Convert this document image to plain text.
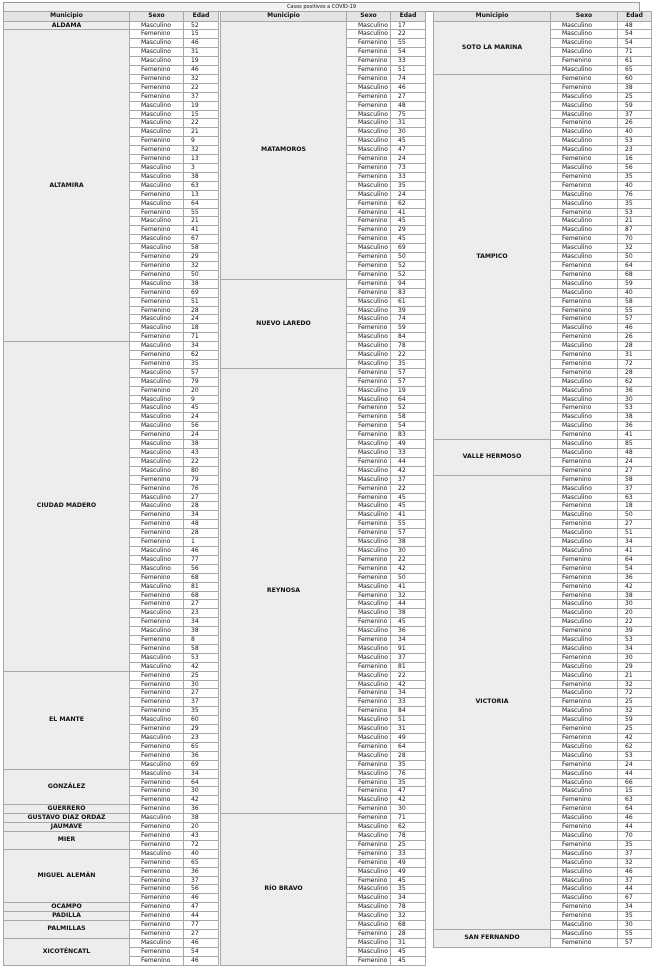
Casos positivos a COVID-19
Municipio	Sexo	Edad
ALDAMA	Masculino	52
ALTAMIRA	Femenino	15
	Masculino	46
	Masculino	31
	Masculino	19
	Femenino	46
	Femenino	32
	Femenino	22
	Femenino	37
	Masculino	19
	Masculino	15
	Masculino	22
	Masculino	21
	Femenino	9
	Femenino	32
	Femenino	13
	Masculino	3
	Masculino	38
	Masculino	63
	Femenino	13
	Masculino	64
	Femenino	55
	Masculino	21
	Femenino	41
	Masculino	67
	Masculino	58
	Femenino	29
	Femenino	32
	Femenino	50
	Masculino	38
	Femenino	69
	Femenino	51
	Femenino	28
	Masculino	24
	Masculino	18
	Femenino	71
CIUDAD MADERO	Masculino	34
	Femenino	62
	Femenino	35
	Masculino	57
	Masculino	79
	Femenino	20
	Masculino	9
	Masculino	45
	Masculino	24
	Masculino	56
	Femenino	24
	Masculino	38
	Masculino	43
	Masculino	22
	Masculino	80
	Femenino	79
	Femenino	76
	Masculino	27
	Masculino	28
	Femenino	34
	Femenino	48
	Femenino	28
	Femenino	1
	Masculino	46
	Masculino	77
	Masculino	56
	Femenino	68
	Masculino	81
	Femenino	68
	Femenino	27
	Masculino	23
	Femenino	34
	Masculino	38
	Femenino	8
	Femenino	58
	Masculino	53
	Masculino	42
EL MANTE	Femenino	25
	Femenino	30
	Femenino	27
	Femenino	37
	Femenino	35
	Masculino	60
	Femenino	29
	Masculino	23
	Femenino	65
	Femenino	36
	Masculino	69
GONZÁLEZ	Masculino	34
	Femenino	64
	Femenino	30
	Femenino	42
GUERRERO	Femenino	36
GUSTAVO DÍAZ ORDAZ	Masculino	38
JAUMAVE	Femenino	20
MIER	Femenino	43
	Femenino	72
MIGUEL ALEMÁN	Masculino	40
	Femenino	65
	Femenino	36
	Femenino	37
	Femenino	56
	Femenino	46
OCAMPO	Femenino	47
PADILLA	Femenino	44
PALMILLAS	Femenino	77
	Femenino	27
XICOTÉNCATL	Masculino	46
	Femenino	54
	Femenino	46
Municipio	Sexo	Edad
MATAMOROS	Masculino	17
	Masculino	22
	Femenino	55
	Femenino	54
	Femenino	33
	Femenino	51
	Femenino	74
	Masculino	46
	Femenino	27
	Femenino	48
	Masculino	75
	Masculino	31
	Masculino	30
	Masculino	45
	Masculino	47
	Femenino	24
	Femenino	73
	Femenino	33
	Masculino	35
	Masculino	24
	Femenino	62
	Femenino	41
	Femenino	45
	Femenino	29
	Femenino	45
	Masculino	69
	Femenino	50
	Femenino	52
	Femenino	52
NUEVO LAREDO	Femenino	94
	Femenino	83
	Masculino	61
	Masculino	39
	Masculino	74
	Femenino	59
	Masculino	84
	Masculino	78
	Masculino	22
	Masculino	35
REYNOSA	Femenino	57
	Femenino	57
	Masculino	19
	Masculino	64
	Femenino	52
	Femenino	58
	Femenino	54
	Femenino	83
	Masculino	49
	Masculino	33
	Femenino	44
	Masculino	42
	Masculino	37
	Femenino	22
	Femenino	45
	Masculino	45
	Masculino	41
	Femenino	55
	Femenino	57
	Masculino	38
	Masculino	30
	Femenino	22
	Femenino	42
	Femenino	50
	Masculino	41
	Femenino	32
	Masculino	44
	Masculino	38
	Femenino	45
	Masculino	36
	Femenino	34
	Masculino	91
	Masculino	37
	Femenino	81
	Masculino	22
	Masculino	42
	Femenino	34
	Femenino	33
	Femenino	84
	Masculino	51
	Masculino	31
	Masculino	49
	Femenino	64
	Masculino	28
	Femenino	35
	Masculino	76
	Femenino	35
	Femenino	47
	Masculino	42
	Femenino	30
RÍO BRAVO	Femenino	71
	Masculino	62
	Masculino	78
	Femenino	25
	Femenino	33
	Femenino	49
	Masculino	49
	Femenino	45
	Masculino	35
	Masculino	34
	Masculino	78
	Masculino	32
	Masculino	68
	Femenino	28
	Masculino	31
	Masculino	45
	Femenino	45
Municipio	Sexo	Edad
SOTO LA MARINA	Masculino	48
	Masculino	54
	Masculino	54
	Masculino	71
	Femenino	61
	Masculino	65
TAMPICO	Femenino	60
	Femenino	38
	Masculino	25
	Masculino	59
	Masculino	37
	Femenino	26
	Masculino	40
	Masculino	53
	Masculino	23
	Femenino	16
	Masculino	56
	Femenino	35
	Femenino	40
	Masculino	76
	Masculino	35
	Femenino	53
	Masculino	21
	Masculino	87
	Femenino	70
	Masculino	32
	Masculino	50
	Femenino	64
	Femenino	68
	Masculino	59
	Masculino	40
	Femenino	58
	Femenino	55
	Femenino	57
	Masculino	46
	Femenino	26
	Masculino	28
	Femenino	31
	Femenino	72
	Femenino	28
	Masculino	62
	Masculino	36
	Masculino	30
	Femenino	53
	Masculino	38
	Masculino	36
	Femenino	41
VALLE HERMOSO	Masculino	85
	Masculino	48
	Femenino	24
	Femenino	27
VICTORIA	Femenino	58
	Masculino	37
	Masculino	63
	Femenino	18
	Masculino	50
	Femenino	27
	Masculino	51
	Masculino	34
	Masculino	41
	Femenino	64
	Femenino	54
	Femenino	36
	Femenino	42
	Femenino	38
	Masculino	30
	Masculino	20
	Masculino	22
	Femenino	39
	Masculino	53
	Masculino	34
	Femenino	30
	Masculino	29
	Masculino	21
	Femenino	32
	Masculino	72
	Femenino	25
	Masculino	32
	Masculino	59
	Femenino	25
	Femenino	42
	Masculino	62
	Masculino	53
	Femenino	24
	Masculino	44
	Masculino	66
	Masculino	15
	Femenino	63
	Femenino	64
	Masculino	46
	Femenino	44
	Masculino	70
	Femenino	35
	Masculino	37
	Masculino	32
	Masculino	46
	Masculino	37
	Masculino	44
	Masculino	67
	Femenino	34
	Femenino	35
	Masculino	30
SAN FERNANDO	Masculino	55
	Femenino	57
